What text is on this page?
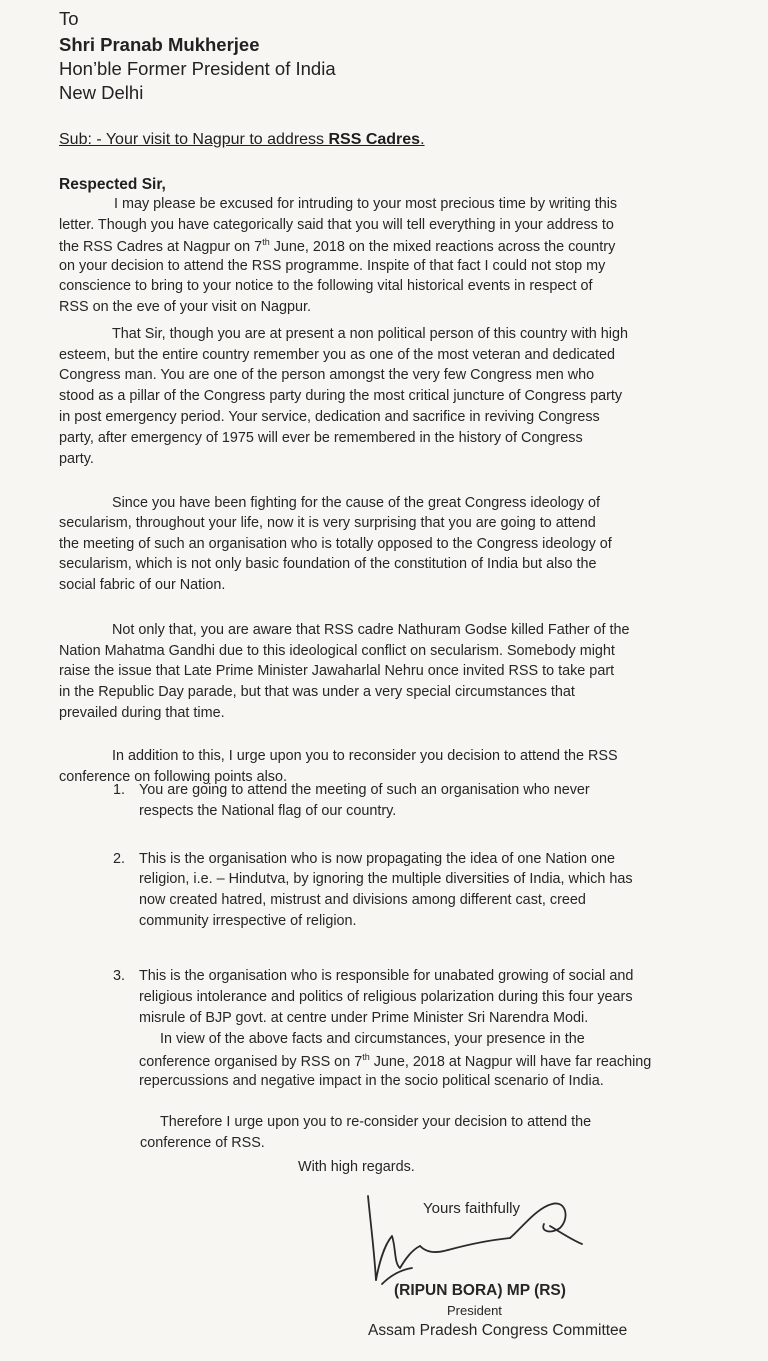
To
Shri Pranab Mukherjee
Hon’ble Former President of India
New Delhi
Sub: - Your visit to Nagpur to address RSS Cadres.
Respected Sir,
I may please be excused for intruding to your most precious time by writing this
letter. Though you have categorically said that you will tell everything in your address to
the RSS Cadres at Nagpur on 7th June, 2018 on the mixed reactions across the country
on your decision to attend the RSS programme. Inspite of that fact I could not stop my
conscience to bring to your notice to the following vital historical events in respect of
RSS on the eve of your visit on Nagpur.
That Sir, though you are at present a non political person of this country with high
esteem, but the entire country remember you as one of the most veteran and dedicated
Congress man. You are one of the person amongst the very few Congress men who
stood as a pillar of the Congress party during the most critical juncture of Congress party
in post emergency period. Your service, dedication and sacrifice in reviving Congress
party, after emergency of 1975 will ever be remembered in the history of Congress
party.
Since you have been fighting for the cause of the great Congress ideology of
secularism, throughout your life, now it is very surprising that you are going to attend
the meeting of such an organisation who is totally opposed to the Congress ideology of
secularism, which is not only basic foundation of the constitution of India but also the
social fabric of our Nation.
Not only that, you are aware that RSS cadre Nathuram Godse killed Father of the
Nation Mahatma Gandhi due to this ideological conflict on secularism. Somebody might
raise the issue that Late Prime Minister Jawaharlal Nehru once invited RSS to take part
in the Republic Day parade, but that was under a very special circumstances that
prevailed during that time.
In addition to this, I urge upon you to reconsider you decision to attend the RSS
conference on following points also.
You are going to attend the meeting of such an organisation who never
respects the National flag of our country.
This is the organisation who is now propagating the idea of one Nation one
religion, i.e. – Hindutva, by ignoring the multiple diversities of India, which has
now created hatred, mistrust and divisions among different cast, creed
community irrespective of religion.
This is the organisation who is responsible for unabated growing of social and
religious intolerance and politics of religious polarization during this four years
misrule of BJP govt. at centre under Prime Minister Sri Narendra Modi.
In view of the above facts and circumstances, your presence in the
conference organised by RSS on 7th June, 2018 at Nagpur will have far reaching
repercussions and negative impact in the socio political scenario of India.
Therefore I urge upon you to re-consider your decision to attend the
conference of RSS.
With high regards.
1.
2.
3.
Yours faithfully
(RIPUN BORA) MP (RS)
President
Assam Pradesh Congress Committee
